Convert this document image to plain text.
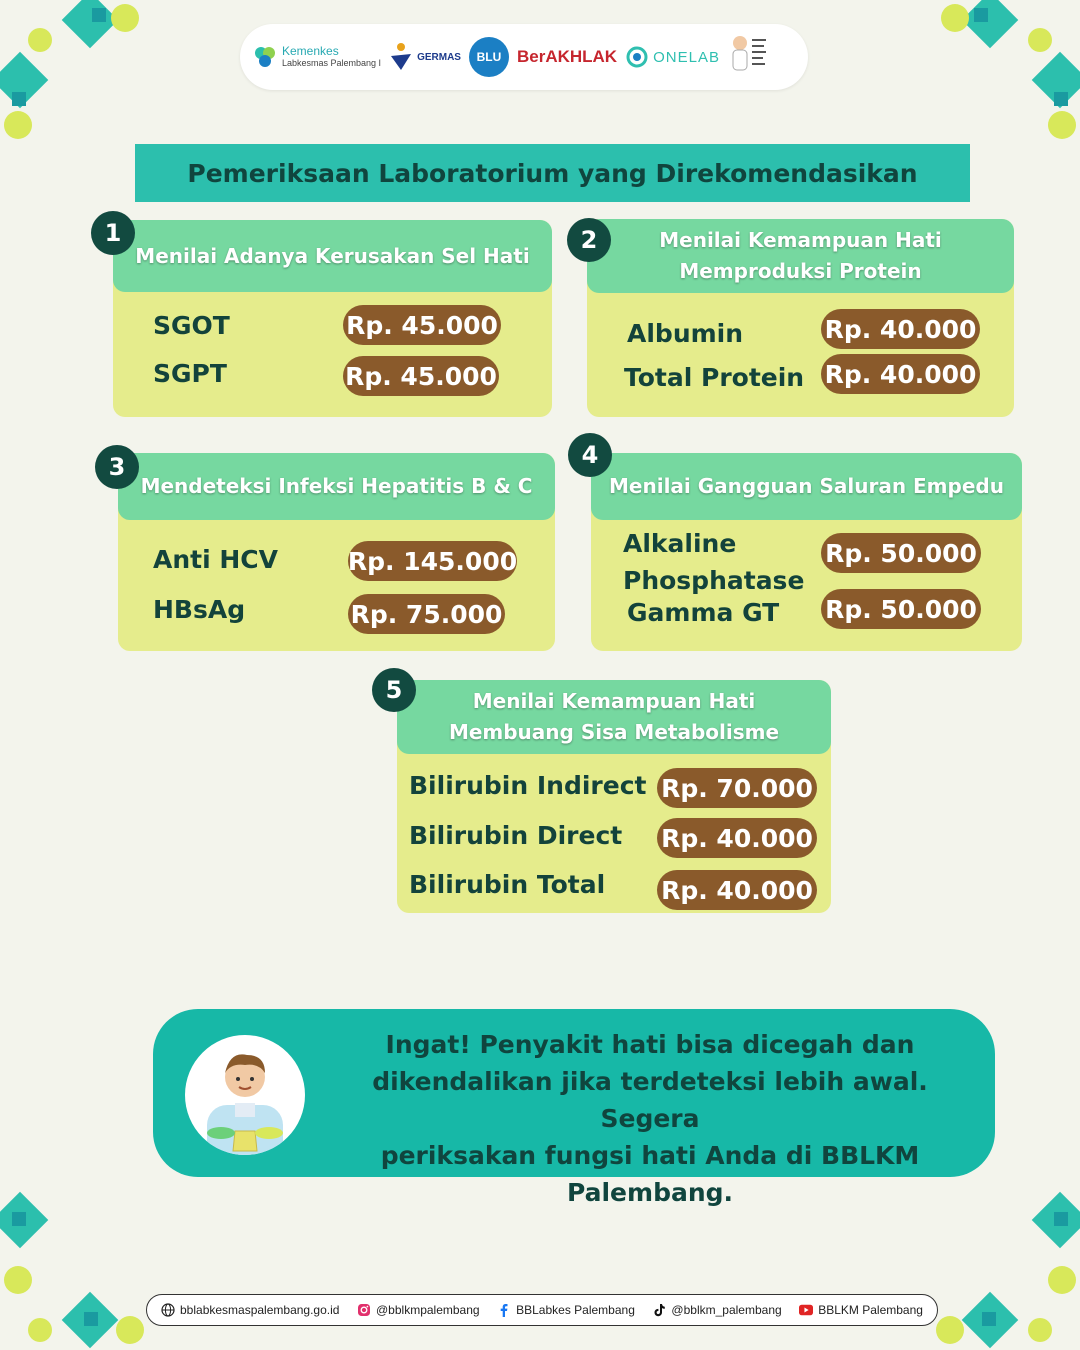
Kemenkes
Labkesmas Palembang I
GERMAS	BLU BerAKHLAK ONELAB
Pemeriksaan Laboratorium yang Direkomendasikan
Menilai Adanya Kerusakan Sel Hati
1
SGOT	Rp. 45.000
SGPT	Rp. 45.000
Menilai Kemampuan Hati
Memproduksi Protein
2
Albumin	Rp. 40.000
Total Protein Rp. 40.000
Mendeteksi Infeksi Hepatitis B & C
3
Anti HCV	Rp. 145.000
HBsAg	Rp. 75.000
Menilai Gangguan Saluran Empedu
4
Alkaline
Phosphatase
Rp. 50.000
Gamma GT Rp. 50.000
Menilai Kemampuan Hati
Membuang Sisa Metabolisme
5
Bilirubin Indirect Rp. 70.000
Bilirubin Direct Rp. 40.000
Bilirubin Total Rp. 40.000
Ingat! Penyakit hati bisa dicegah dan
dikendalikan jika terdeteksi lebih awal. Segera
periksakan fungsi hati Anda di BBLKM
Palembang.
bblabkesmaspalembang.go.id	@bblkmpalembang	BBLabkes Palembang	@bblkm_palembang	BBLKM Palembang
